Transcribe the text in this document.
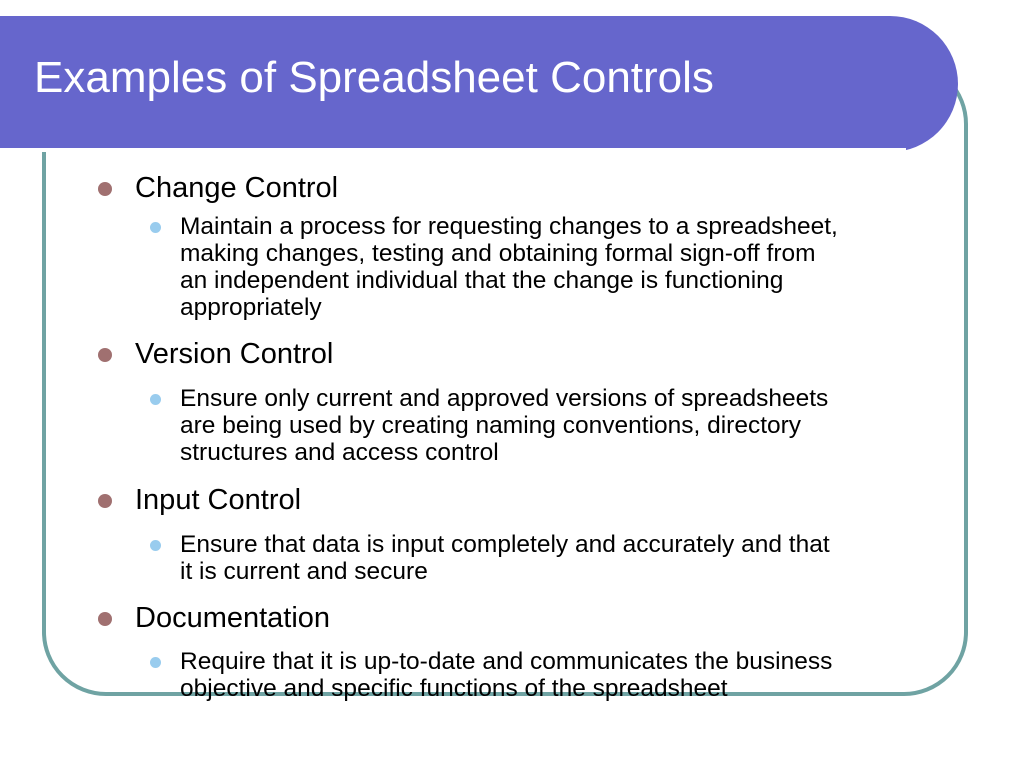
Examples of Spreadsheet Controls
Change Control
Maintain a process for requesting changes to a spreadsheet,
making changes, testing and obtaining formal sign-off from
an independent individual that the change is functioning
appropriately
Version Control
Ensure only current and approved versions of spreadsheets
are being used by creating naming conventions, directory
structures and access control
Input Control
Ensure that data is input completely and accurately and that
it is current and secure
Documentation
Require that it is up-to-date and communicates the business
objective and specific functions of the spreadsheet
